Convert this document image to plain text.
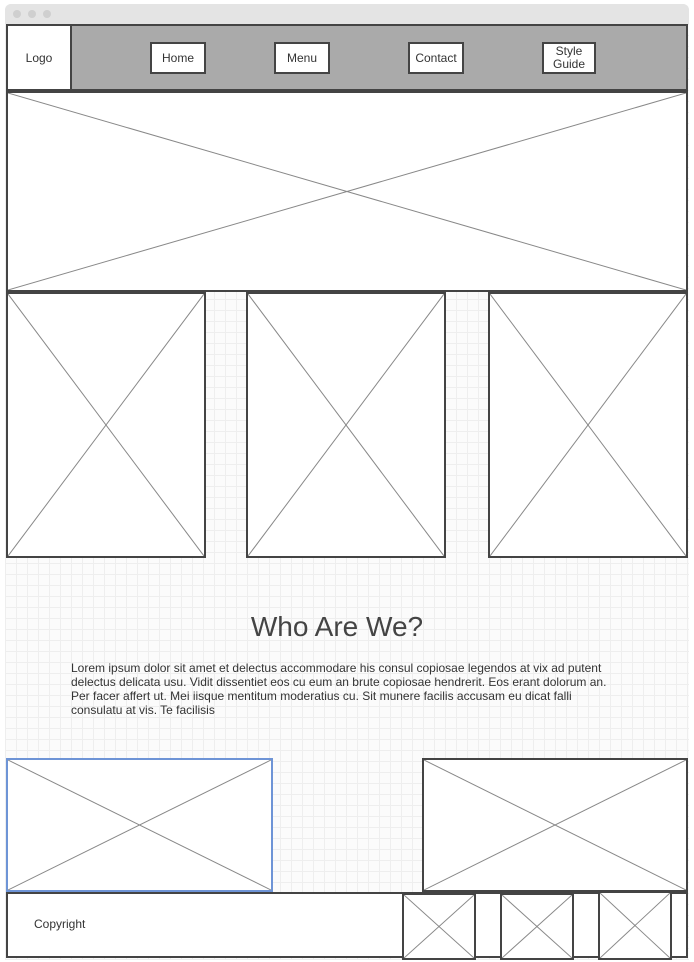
Logo	Home	Menu	Contact	Style Guide
Who Are We?
Lorem ipsum dolor sit amet et delectus accommodare his consul copiosae legendos at vix ad putent delectus delicata usu. Vidit dissentiet eos cu eum an brute copiosae hendrerit. Eos erant dolorum an. Per facer affert ut. Mei iisque mentitum moderatius cu. Sit munere facilis accusam eu dicat falli consulatu at vis. Te facilisis
Copyright
